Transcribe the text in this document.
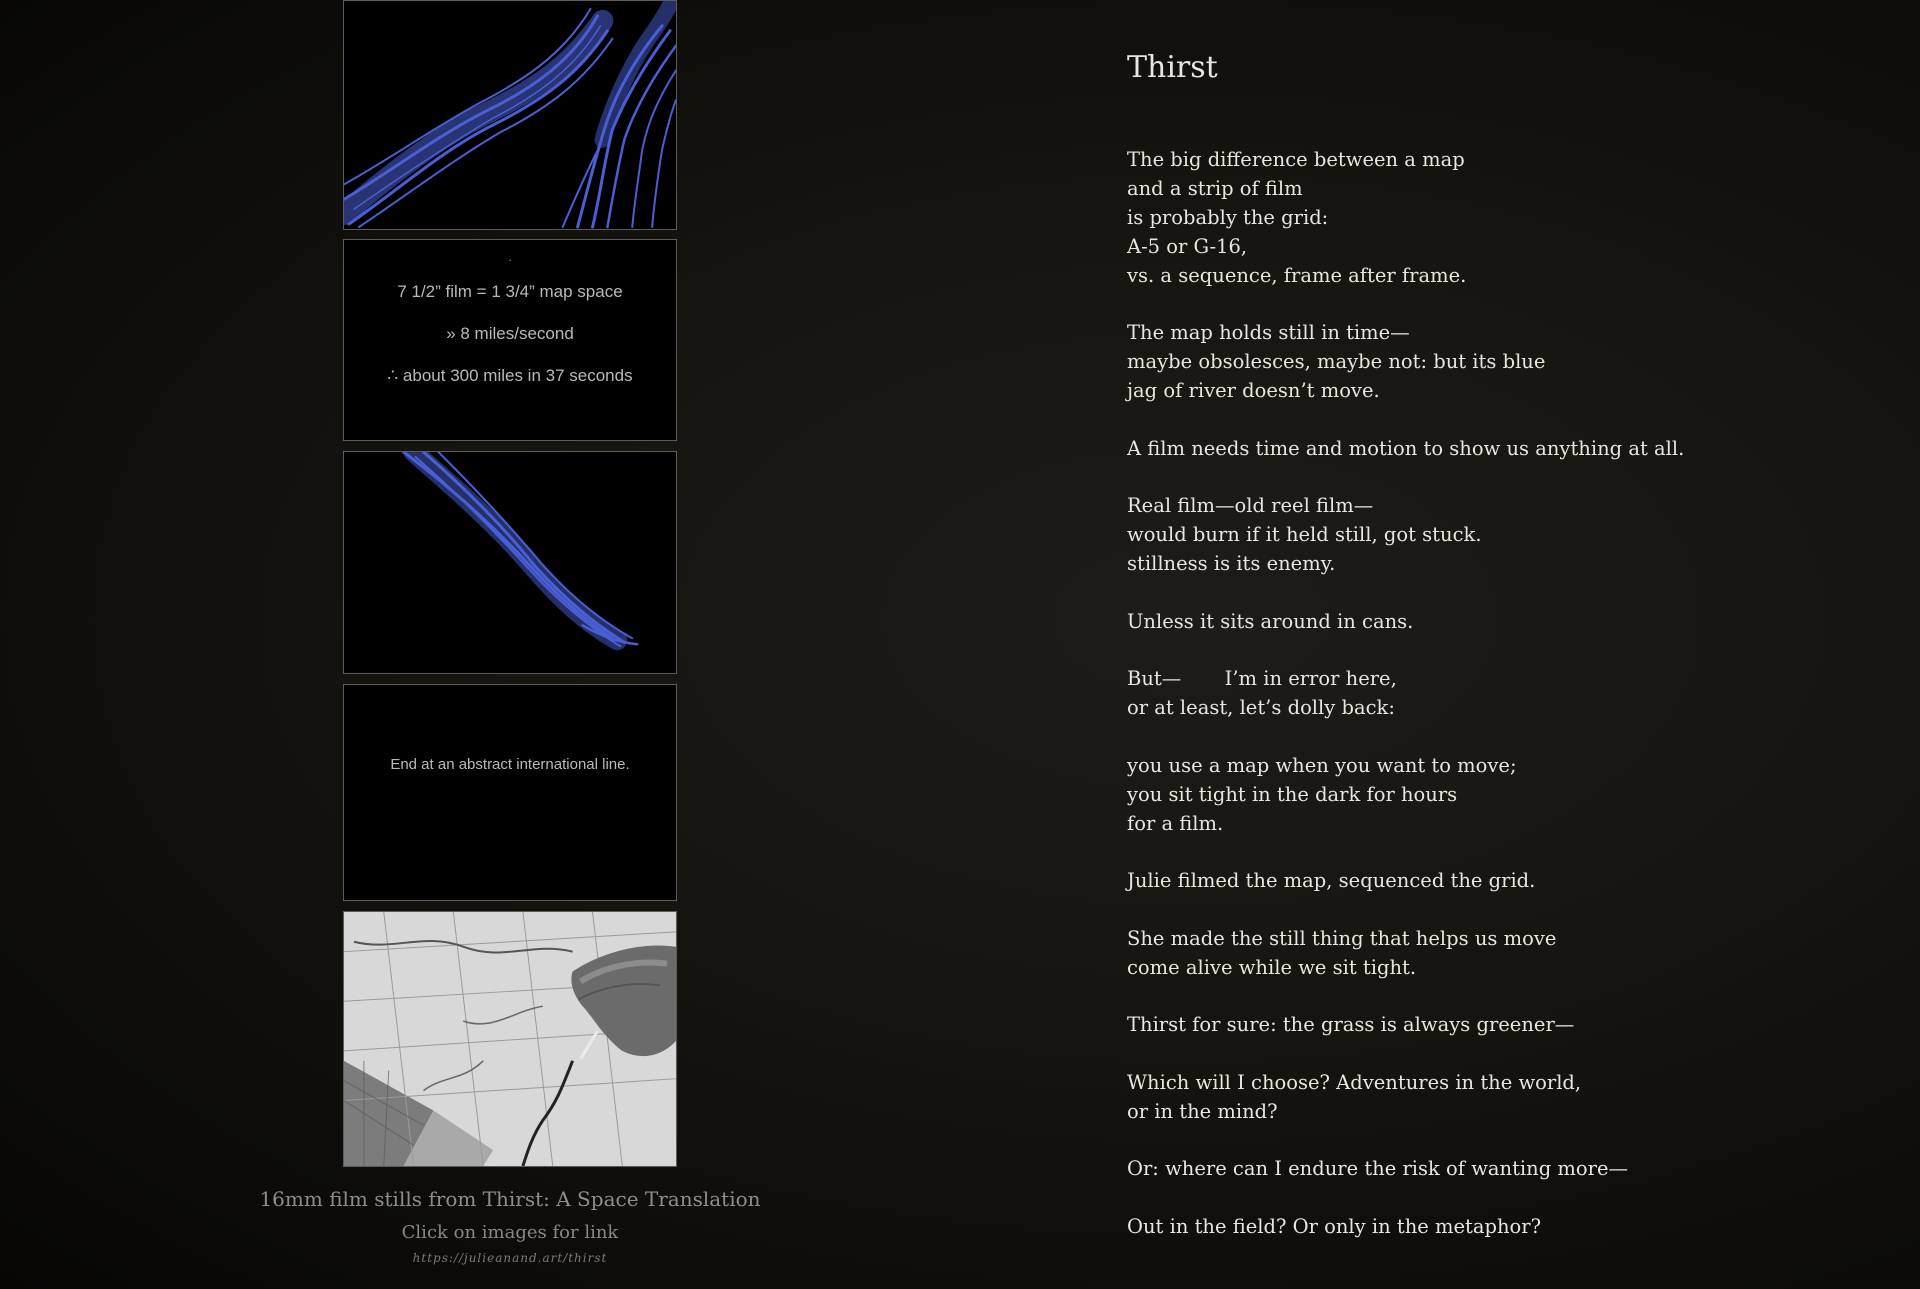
·
7 1/2” film = 1 3/4” map space
» 8 miles/second
∴ about 300 miles in 37 seconds
End at an abstract international line.
16mm film stills from Thirst: A Space Translation
Click on images for link
https://julieanand.art/thirst
Thirst
The big difference between a map
and a strip of film
is probably the grid:
A-5 or G-16,
vs. a sequence, frame after frame.
The map holds still in time—
maybe obsolesces, maybe not: but its blue
jag of river doesn’t move.
A film needs time and motion to show us anything at all.
Real film—old reel film—
would burn if it held still, got stuck.
stillness is its enemy.
Unless it sits around in cans.
But—       I’m in error here,
or at least, let’s dolly back:
you use a map when you want to move;
you sit tight in the dark for hours
for a film.
Julie filmed the map, sequenced the grid.
She made the still thing that helps us move
come alive while we sit tight.
Thirst for sure: the grass is always greener—
Which will I choose? Adventures in the world,
or in the mind?
Or: where can I endure the risk of wanting more—
Out in the field? Or only in the metaphor?
